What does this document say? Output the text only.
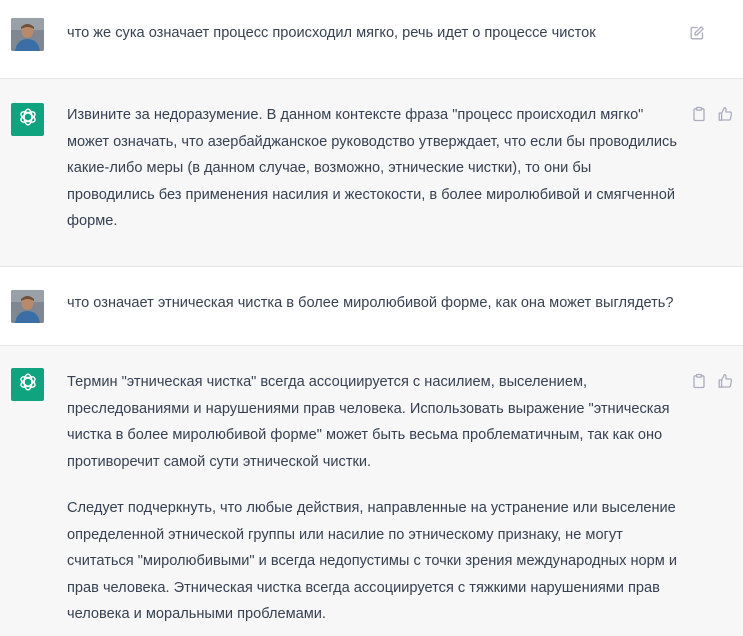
что же сука означает процесс происходил мягко, речь идет о процессе чисток

Извините за недоразумение. В данном контексте фраза "процесс происходил мягко" может означать, что азербайджанское руководство утверждает, что если бы проводились какие-либо меры (в данном случае, возможно, этнические чистки), то они бы проводились без применения насилия и жестокости, в более миролюбивой и смягченной форме.

что означает этническая чистка в более миролюбивой форме, как она может выглядеть?

Термин "этническая чистка" всегда ассоциируется с насилием, выселением, преследованиями и нарушениями прав человека. Использовать выражение "этническая чистка в более миролюбивой форме" может быть весьма проблематичным, так как оно противоречит самой сути этнической чистки.

Следует подчеркнуть, что любые действия, направленные на устранение или выселение определенной этнической группы или насилие по этническому признаку, не могут считаться "миролюбивыми" и всегда недопустимы с точки зрения международных норм и прав человека. Этническая чистка всегда ассоциируется с тяжкими нарушениями прав человека и моральными проблемами.
